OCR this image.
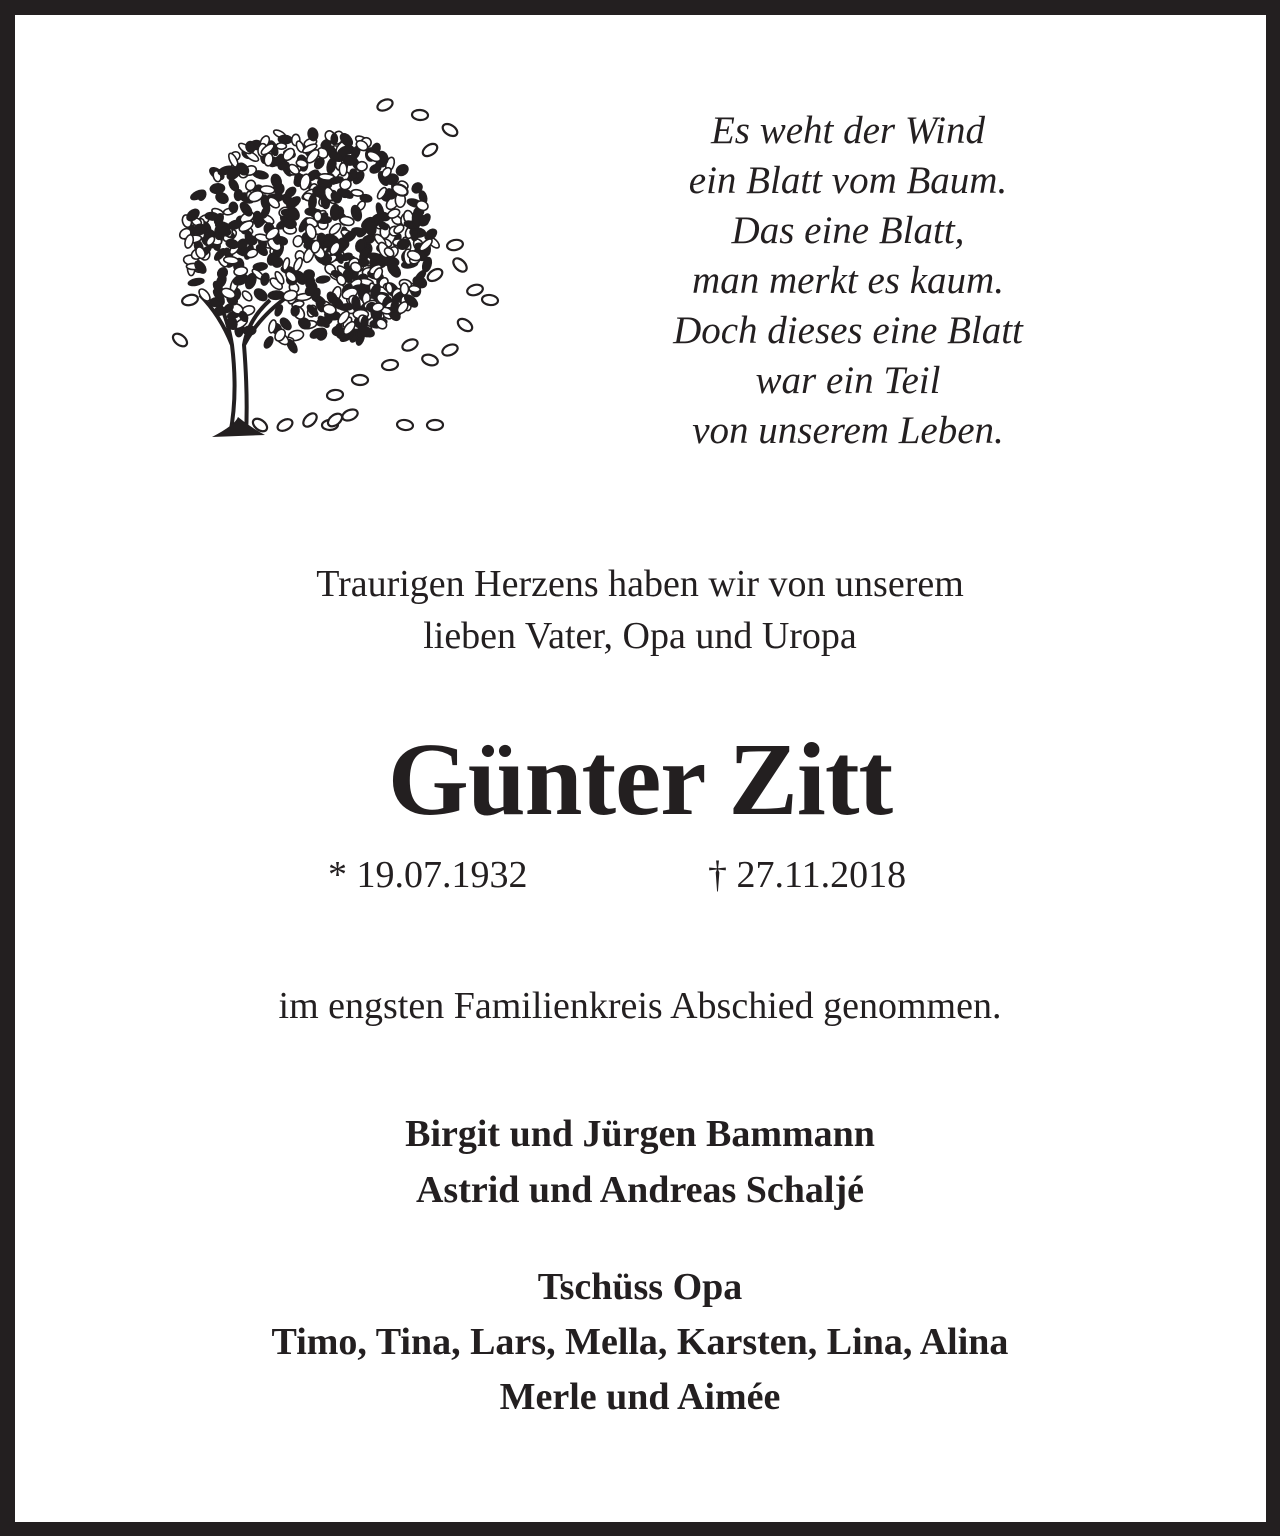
Es weht der Wind
ein Blatt vom Baum.
Das eine Blatt,
man merkt es kaum.
Doch dieses eine Blatt
war ein Teil
von unserem Leben.
Traurigen Herzens haben wir von unserem
lieben Vater, Opa und Uropa
Günter Zitt
* 19.07.1932	† 27.11.2018
im engsten Familienkreis Abschied genommen.
Birgit und Jürgen Bammann
Astrid und Andreas Schaljé
Tschüss Opa
Timo, Tina, Lars, Mella, Karsten, Lina, Alina
Merle und Aimée
